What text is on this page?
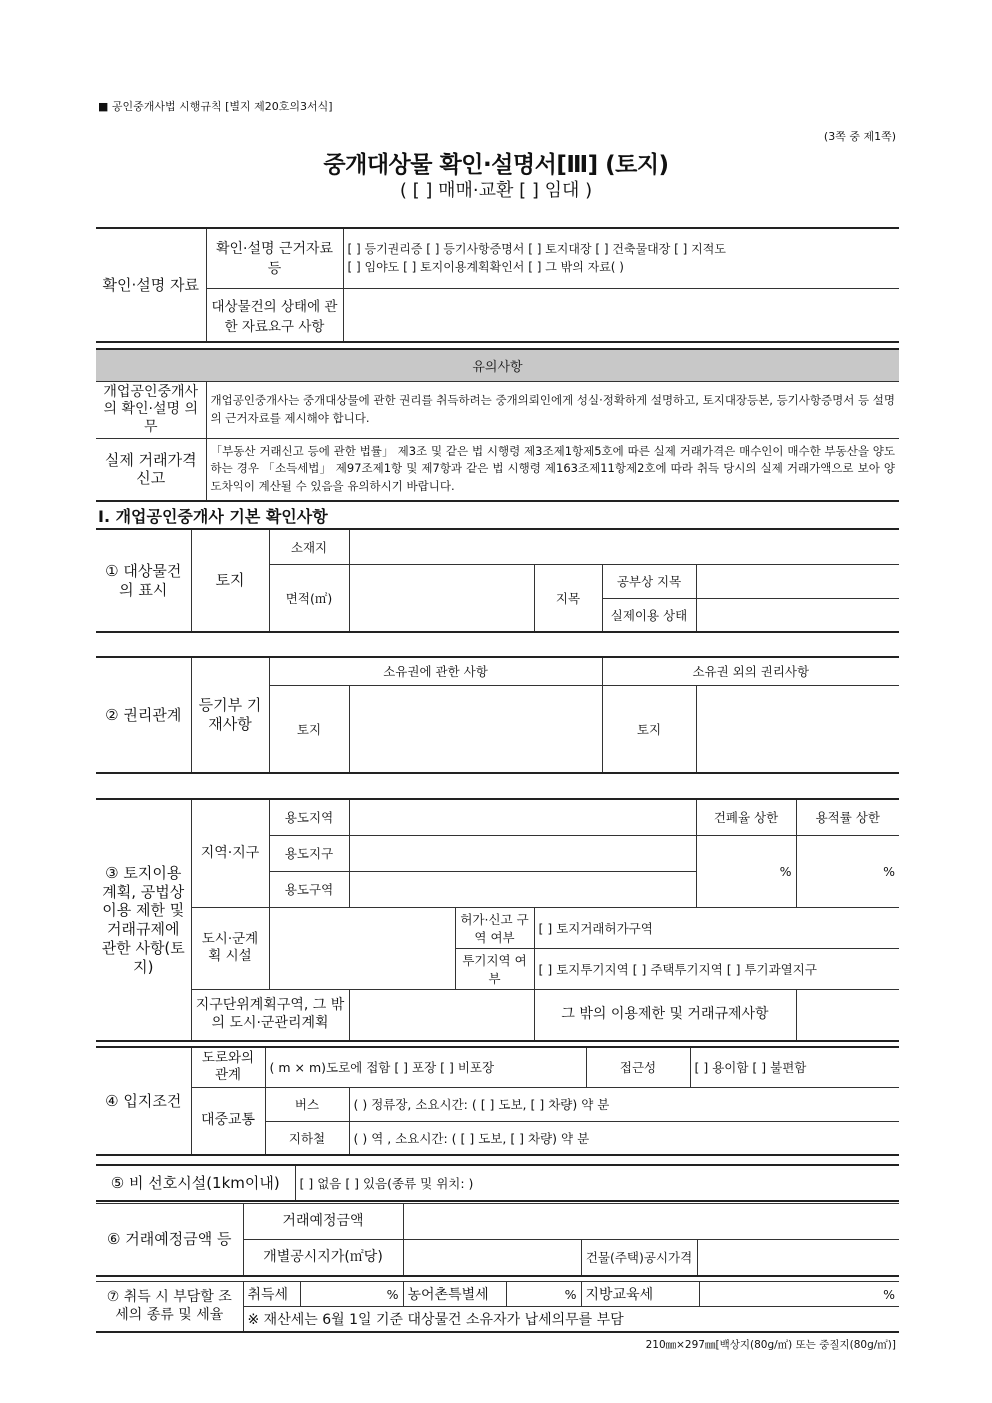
■ 공인중개사법 시행규칙 [별지 제20호의3서식]
(3쪽 중 제1쪽)
중개대상물 확인·설명서[Ⅲ] (토지)
( [ ] 매매·교환 [ ] 임대 )
확인·설명 자료	확인·설명 근거자료 등	[ ] 등기권리증 [ ] 등기사항증명서 [ ] 토지대장 [ ] 건축물대장 [ ] 지적도
[ ] 임야도 [ ] 토지이용계획확인서 [ ] 그 밖의 자료( )

	대상물건의 상태에 관한 자료요구 사항	
유의사항	
개업공인중개사의 확인·설명 의무	개업공인중개사는 중개대상물에 관한 권리를 취득하려는 중개의뢰인에게 성실·정확하게 설명하고, 토지대장등본, 등기사항증명서 등 설명의 근거자료를 제시해야 합니다.
실제 거래가격 신고	「부동산 거래신고 등에 관한 법률」 제3조 및 같은 법 시행령 제3조제1항제5호에 따른 실제 거래가격은 매수인이 매수한 부동산을 양도하는 경우 「소득세법」 제97조제1항 및 제7항과 같은 법 시행령 제163조제11항제2호에 따라 취득 당시의 실제 거래가액으로 보아 양도차익이 계산될 수 있음을 유의하시기 바랍니다.
Ⅰ. 개업공인중개사 기본 확인사항
① 대상물건의 표시	토지	소재지				
		면적(㎡)		지목	공부상 지목	
					실제이용 상태	
② 권리관계	등기부 기재사항	소유권에 관한 사항		소유권 외의 권리사항	
		토지		토지	
③ 토지이용계획, 공법상 이용 제한 및 거래규제에 관한 사항(토지)	지역·지구	용도지역				건폐율 상한	용적률 상한
		용도지구				%	%
		용도구역					
	도시·군계획 시설			허가·신고 구역 여부	[ ] 토지거래허가구역		
				투기지역 여부	[ ] 토지투기지역 [ ] 주택투기지역 [ ] 투기과열지구		
	지구단위계획구역, 그 밖의 도시·군관리계획				그 밖의 이용제한 및 거래규제사항		
④ 입지조건	도로와의 관계	( m × m)도로에 접함 [ ] 포장 [ ] 비포장		접근성	[ ] 용이함 [ ] 불편함
	대중교통	버스	( ) 정류장, 소요시간: ( [ ] 도보, [ ] 차량) 약 분		
		지하철	( ) 역 , 소요시간: ( [ ] 도보, [ ] 차량) 약 분		
⑤ 비 선호시설(1km이내)	[ ] 없음 [ ] 있음(종류 및 위치: )
⑥ 거래예정금액 등	거래예정금액			
	개별공시지가(㎡당)		건물(주택)공시가격	
⑦ 취득 시 부담할 조세의 종류 및 세율	취득세	%	농어촌특별세	%	지방교육세	%
※ 재산세는 6월 1일 기준 대상물건 소유자가 납세의무를 부담
210㎜×297㎜[백상지(80g/㎡) 또는 중질지(80g/㎡)]
